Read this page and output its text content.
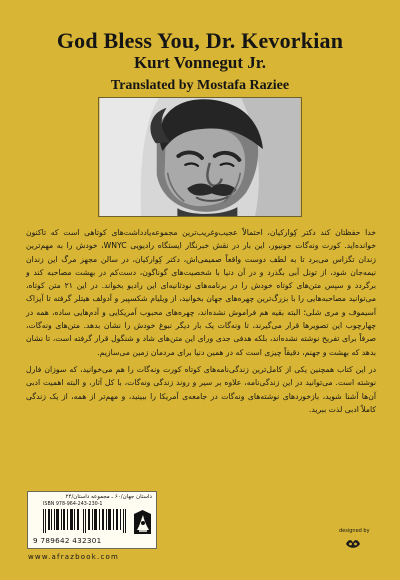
God Bless You, Dr. Kevorkian
Kurt Vonnegut Jr.
Translated by Mostafa Raziee

خدا حفظتان کند دکتر کِوارکیان، احتمالاً عجیب‌وغریب‌ترین مجموعه‌یادداشت‌های کوتاهی است که تاکنون خوانده‌اید. کورت ونه‌گات جونیور، این بار در نقش خبرنگار ایستگاه رادیویی WNYC، خودش را به مهم‌ترین زندان تگزاس می‌برد تا به لطف دوست واقعاً صمیمی‌اش، دکتر کِوارکیان، در سالن مجهز مرگ این زندان نیمه‌جان شود، از تونل آبی بگذرد و در آن دنیا با شخصیت‌های گوناگون، دست‌کم در بهشت مصاحبه کند و برگردد و سپس متن‌های کوتاه خودش را در برنامه‌های نودثانیه‌ای این رادیو بخواند. در این ۲۱ متن کوتاه، می‌توانید مصاحبه‌هایی را با بزرگ‌ترین چهره‌های جهان بخوانید، از ویلیام شکسپیر و آدولف هیتلر گرفته تا آیزاک آسیموف و مری شلی؛ البته بقیه هم فراموش نشده‌اند، چهره‌های محبوب آمریکایی و آدم‌هایی ساده، همه در چهارچوب این تصویرها قرار می‌گیرند، تا ونه‌گات یک بار دیگر نبوغ خودش را نشان بدهد. متن‌های ونه‌گات، صرفاً برای تفریح نوشته نشده‌اند، بلکه هدفی جدی ورای این متن‌های شاد و شنگول قرار گرفته است، تا نشان بدهد که بهشت و جهنم، دقیقاً چیزی است که در همین دنیا برای مردمان زمین می‌سازیم.

در این کتاب همچنین یکی از کامل‌ترین زندگی‌نامه‌های کوتاه کورت ونه‌گات را هم می‌خوانید، که سوزان فارل نوشته است. می‌توانید در این زندگی‌نامه، علاوه بر سیر و روند زندگی ونه‌گات، با کل آثار، و البته اهمیت ادبی آن‌ها آشنا شوید، بازخوردهای نوشته‌های ونه‌گات در جامعه‌ی آمریکا را ببینید، و مهم‌تر از همه، از یک زندگی کاملاً ادبی لذت ببرید.

داستان جهان/۶۰ ـ مجموعه داستان/۲۴
ISBN 978-964-243-230-1
9 789642 432301
www.afrazbook.com
designed by
